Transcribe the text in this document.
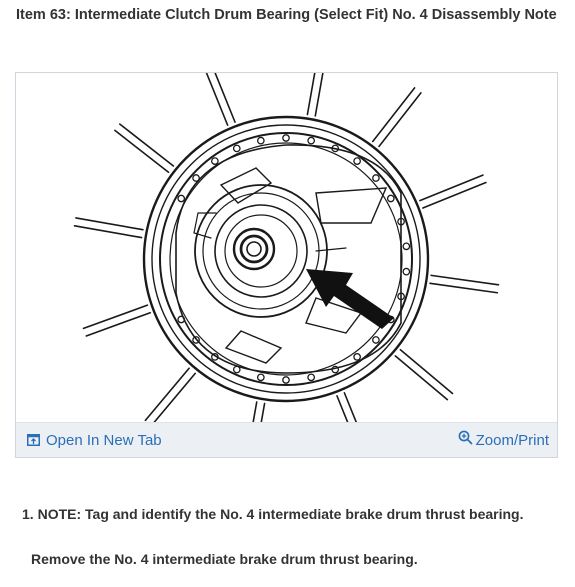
Item 63: Intermediate Clutch Drum Bearing (Select Fit) No. 4 Disassembly Note
Open In New Tab	Zoom/Print
1. NOTE: Tag and identify the No. 4 intermediate brake drum thrust bearing.
Remove the No. 4 intermediate brake drum thrust bearing.
